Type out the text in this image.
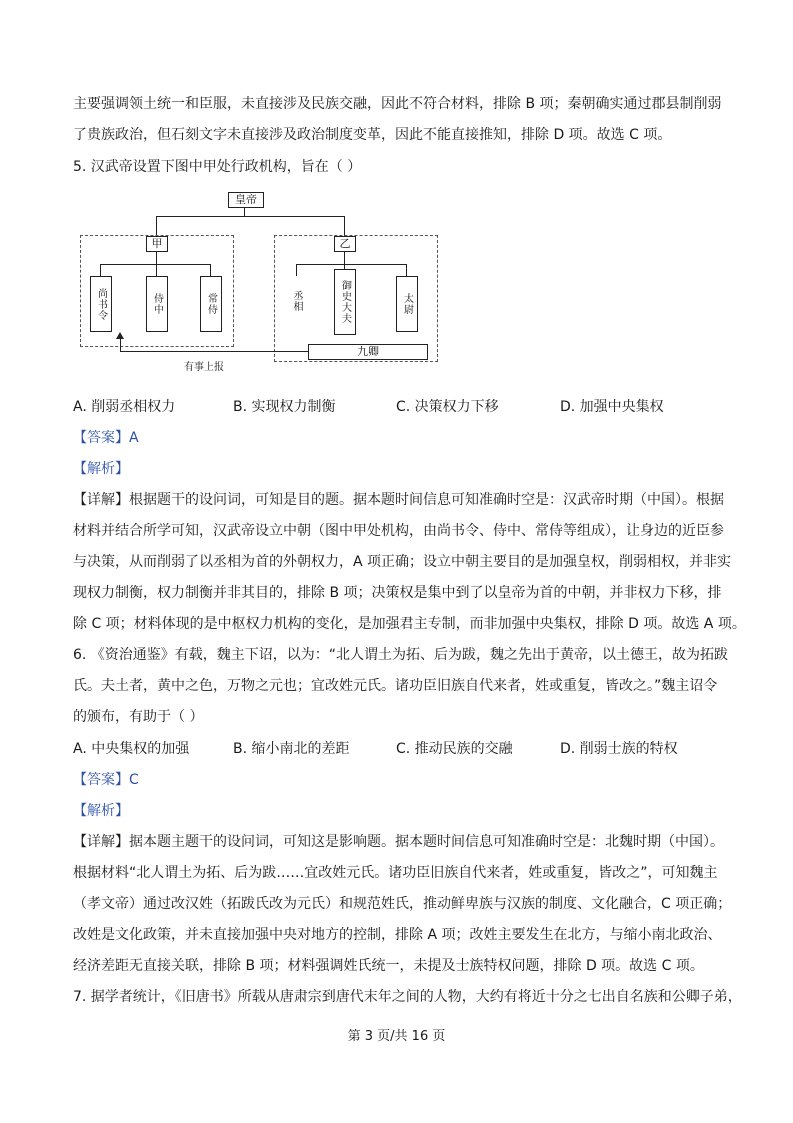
主要强调领土统一和臣服，未直接涉及民族交融，因此不符合材料，排除 B 项；秦朝确实通过郡县制削弱
了贵族政治，但石刻文字未直接涉及政治制度变革，因此不能直接推知，排除 D 项。故选 C 项。
5. 汉武帝设置下图中甲处行政机构，旨在（ ）
皇帝
甲	乙
尚书令	侍中	常侍	丞相	御史大夫	太尉
九卿
有事上报
A. 削弱丞相权力	B. 实现权力制衡	C. 决策权力下移	D. 加强中央集权
【答案】A
【解析】
【详解】根据题干的设问词，可知是目的题。据本题时间信息可知准确时空是：汉武帝时期（中国）。根据
材料并结合所学可知，汉武帝设立中朝（图中甲处机构，由尚书令、侍中、常侍等组成），让身边的近臣参
与决策，从而削弱了以丞相为首的外朝权力，A 项正确；设立中朝主要目的是加强皇权，削弱相权，并非实
现权力制衡，权力制衡并非其目的，排除 B 项；决策权是集中到了以皇帝为首的中朝，并非权力下移，排
除 C 项；材料体现的是中枢权力机构的变化，是加强君主专制，而非加强中央集权，排除 D 项。故选 A 项。
6. 《资治通鉴》有载，魏主下诏，以为：“北人谓土为拓、后为跋，魏之先出于黄帝，以土德王，故为拓跋
氏。夫土者，黄中之色，万物之元也；宜改姓元氏。诸功臣旧族自代来者，姓或重复，皆改之。”魏主诏令
的颁布，有助于（ ）
A. 中央集权的加强	B. 缩小南北的差距	C. 推动民族的交融	D. 削弱士族的特权
【答案】C
【解析】
【详解】据本题主题干的设问词，可知这是影响题。据本题时间信息可知准确时空是：北魏时期（中国）。
根据材料“北人谓土为拓、后为跋……宜改姓元氏。诸功臣旧族自代来者，姓或重复，皆改之”，可知魏主
（孝文帝）通过改汉姓（拓跋氏改为元氏）和规范姓氏，推动鲜卑族与汉族的制度、文化融合，C 项正确；
改姓是文化政策，并未直接加强中央对地方的控制，排除 A 项；改姓主要发生在北方，与缩小南北政治、
经济差距无直接关联，排除 B 项；材料强调姓氏统一，未提及士族特权问题，排除 D 项。故选 C 项。
7. 据学者统计，《旧唐书》所载从唐肃宗到唐代末年之间的人物，大约有将近十分之七出自名族和公卿子弟，
第 3 页/共 16 页
